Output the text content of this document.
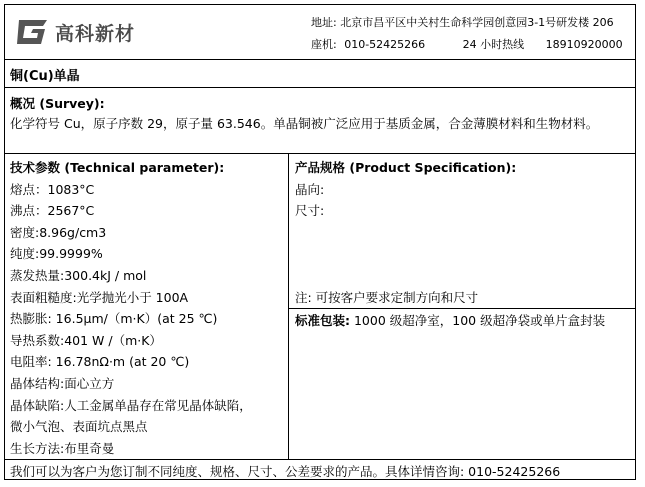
高科新材	地址: 北京市昌平区中关村生命科学园创意园3-1号研发楼 206
座机: 010-52425266	24 小时热线 18910920000
铜(Cu)单晶
概况 (Survey):
化学符号 Cu，原子序数 29，原子量 63.546。单晶铜被广泛应用于基质金属，合金薄膜材料和生物材料。
技术参数 (Technical parameter):
熔点：1083°C
沸点：2567°C
密度:8.96g/cm3
纯度:99.9999%
蒸发热量:300.4kJ / mol
表面粗糙度:光学抛光小于 100A
热膨胀: 16.5μm/（m·K）(at 25 ℃)
导热系数:401 W /（m·K）
电阻率: 16.78nΩ·m (at 20 ℃)
晶体结构:面心立方
晶体缺陷:人工金属单晶存在常见晶体缺陷，
微小气泡、表面坑点黑点
生长方法:布里奇曼
产品规格 (Product Specification):
晶向:
尺寸:
注: 可按客户要求定制方向和尺寸
标准包装: 1000 级超净室，100 级超净袋或单片盒封装
我们可以为客户为您订制不同纯度、规格、尺寸、公差要求的产品。具体详情咨询: 010-52425266
